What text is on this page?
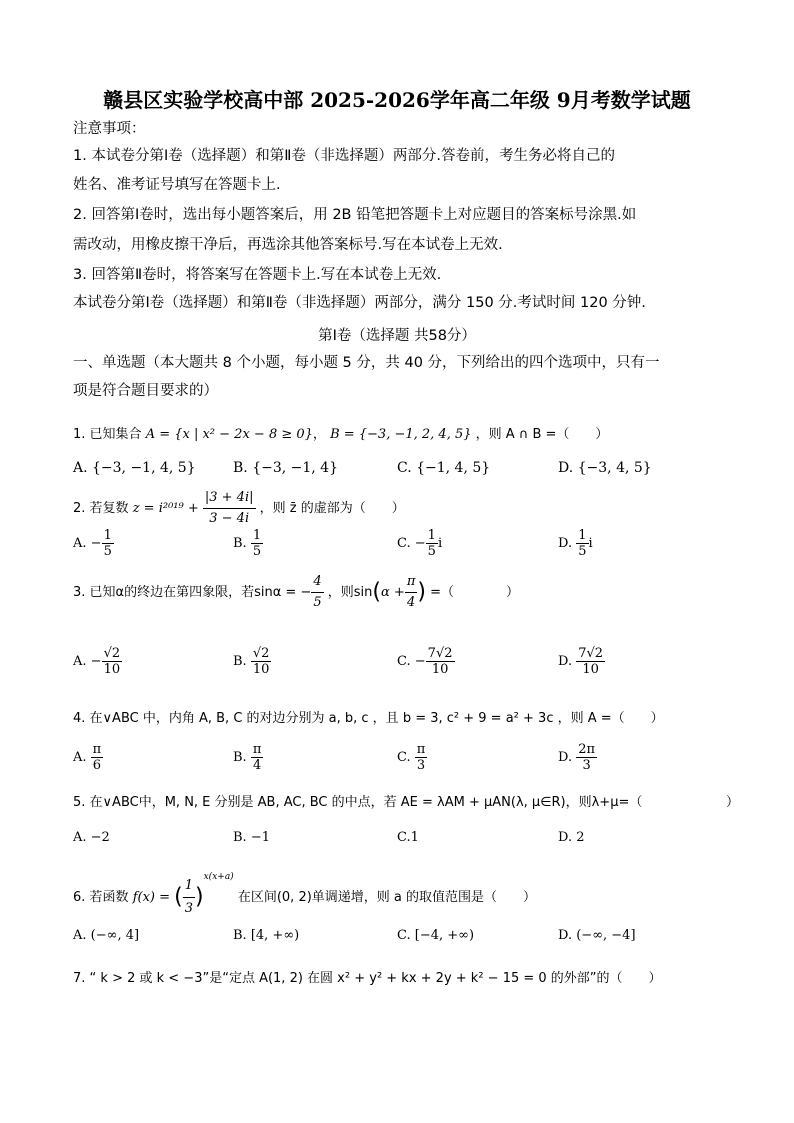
赣县区实验学校高中部 2025-2026学年高二年级 9月考数学试题
注意事项：
1. 本试卷分第Ⅰ卷（选择题）和第Ⅱ卷（非选择题）两部分.答卷前，考生务必将自己的
姓名、准考证号填写在答题卡上.
2. 回答第Ⅰ卷时，选出每小题答案后，用 2B 铅笔把答题卡上对应题目的答案标号涂黑.如
需改动，用橡皮擦干净后，再选涂其他答案标号.写在本试卷上无效.
3. 回答第Ⅱ卷时，将答案写在答题卡上.写在本试卷上无效.
本试卷分第Ⅰ卷（选择题）和第Ⅱ卷（非选择题）两部分，满分 150 分.考试时间 120 分钟.
第Ⅰ卷（选择题 共58分）
一、单选题（本大题共 8 个小题，每小题 5 分，共 40 分，下列给出的四个选项中，只有一
项是符合题目要求的）
1. 已知集合 A = {x | x² − 2x − 8 ≥ 0}， B = {−3, −1, 2, 4, 5} ，则 A ∩ B =（　　）
A. {−3, −1, 4, 5}	B. {−3, −1, 4}	C. {−1, 4, 5}	D. {−3, 4, 5}
2. 若复数 $z = i^{2019} + \frac{|3 + 4i|}{3 - 4i}$ ，则 z̄ 的虚部为（　　）
A. − $\frac{1}{5}$	B. $\frac{1}{5}$	C. − $\frac{1}{5}$ i	D. $\frac{1}{5}$ i
3. 已知α的终边在第四象限，若sinα = − $\frac{4}{5}$ ，则$\sin(\alpha + \frac{\pi}{4}$ ) =（　　　　）
A. − $\frac{√2}{10}$	B. $\frac{√2}{10}$	C. − $\frac{7√2}{10}$	D. $\frac{7√2}{10}$
4. 在∨ABC 中，内角 A, B, C 的对边分别为 a, b, c ，且 b = 3, c² + 9 = a² + 3c ，则 A =（　　）
A. $\frac{\pi}{6}$	B. $\frac{\pi}{4}$	C. $\frac{\pi}{3}$	D. $\frac{2\pi}{3}$
5. 在∨ABC中，M, N, E 分别是 AB, AC, BC 的中点，若 AE = λAM + μAN(λ, μ∈R)，则λ+μ=（	）
A. −2	B. −1	C.1	D. 2
6. 若函数 f(x) = ( $\frac{1}{3} )^{x(x+a)}$ 在区间(0, 2)单调递增，则 a 的取值范围是（　　）
A. (−∞, 4]	B. [4, +∞)	C. [−4, +∞)	D. (−∞, −4]
7. “ k > 2 或 k < −3”是“定点 A(1, 2) 在圆 x² + y² + kx + 2y + k² − 15 = 0 的外部”的（　　）
